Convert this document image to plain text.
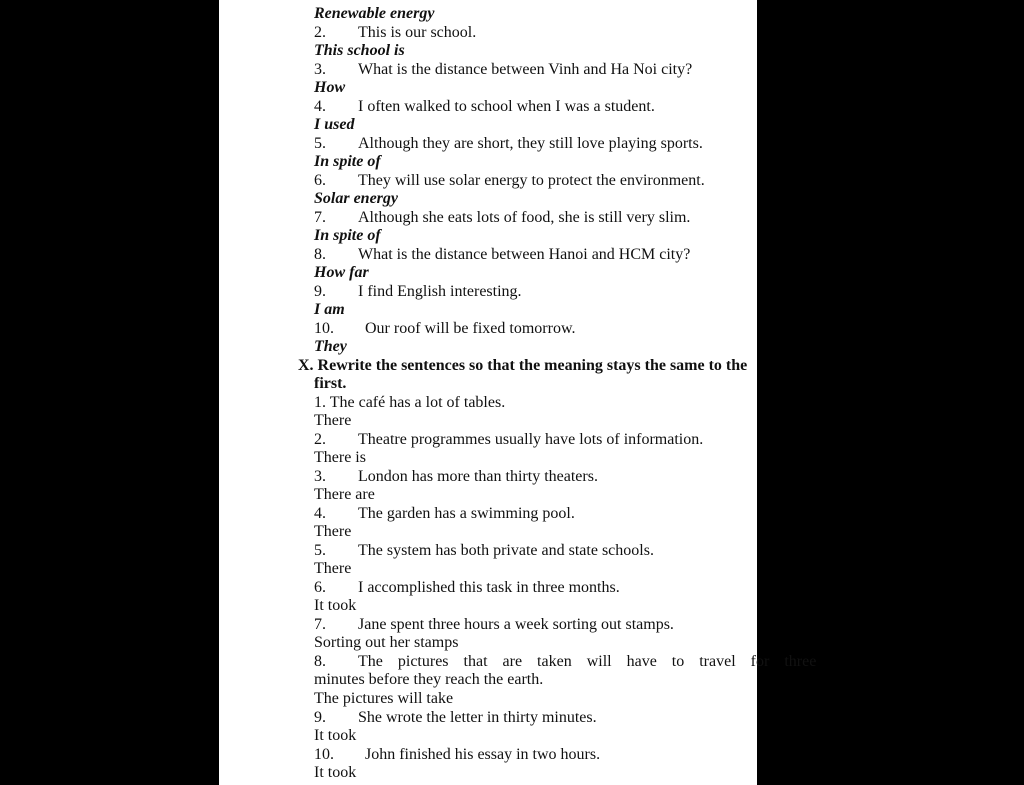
Renewable energy
2. This is our school.
This school is
3. What is the distance between Vinh and Ha Noi city?
How
4. I often walked to school when I was a student.
I used
5. Although they are short, they still love playing sports.
In spite of
6. They will use solar energy to protect the environment.
Solar energy
7. Although she eats lots of food, she is still very slim.
In spite of
8. What is the distance between Hanoi and HCM city?
How far
9. I find English interesting.
I am
10. Our roof will be fixed tomorrow.
They
X. Rewrite the sentences so that the meaning stays the same to the
first.
1. The café has a lot of tables.
There
2. Theatre programmes usually have lots of information.
There is
3. London has more than thirty theaters.
There are
4. The garden has a swimming pool.
There
5. The system has both private and state schools.
There
6. I accomplished this task in three months.
It took
7. Jane spent three hours a week sorting out stamps.
Sorting out her stamps
8. The pictures that are taken will have to travel for three
minutes before they reach the earth.
The pictures will take
9. She wrote the letter in thirty minutes.
It took
10. John finished his essay in two hours.
It took
